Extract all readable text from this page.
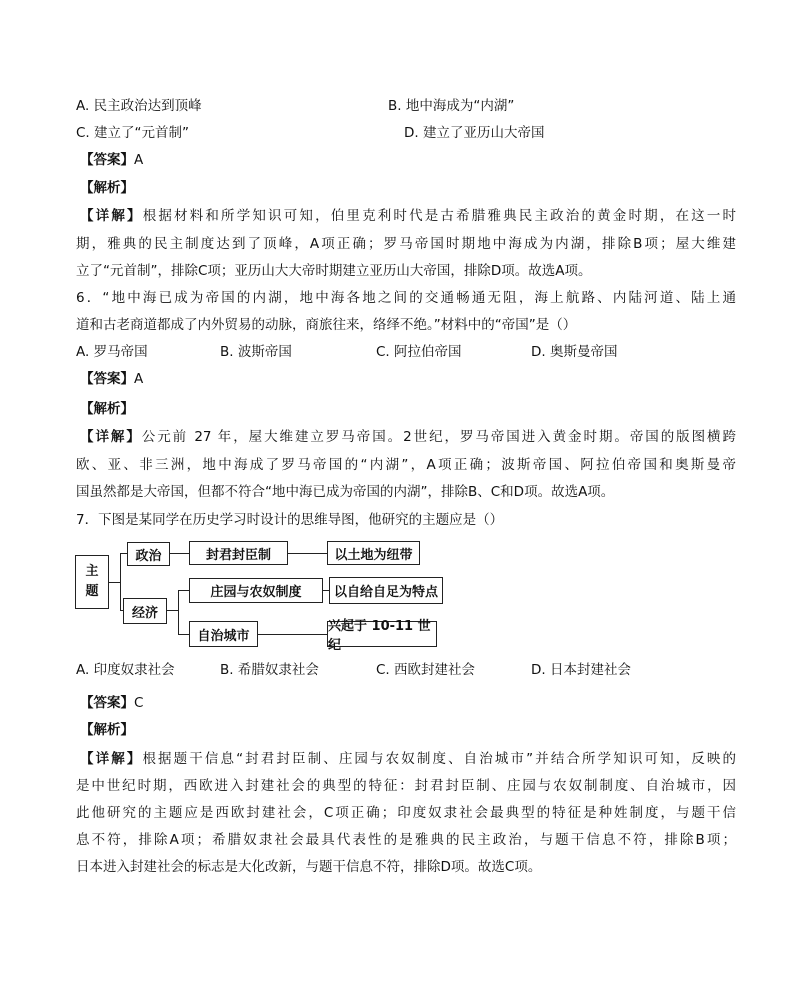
A. 民主政治达到顶峰	B. 地中海成为“内湖”
C. 建立了“元首制”	D. 建立了亚历山大帝国
【答案】A
【解析】
【详解】根据材料和所学知识可知，伯里克利时代是古希腊雅典民主政治的黄金时期，在这一时
期，雅典的民主制度达到了顶峰，A项正确；罗马帝国时期地中海成为内湖，排除B项；屋大维建
立了“元首制”，排除C项；亚历山大大帝时期建立亚历山大帝国，排除D项。故选A项。
6．“地中海已成为帝国的内湖，地中海各地之间的交通畅通无阻，海上航路、内陆河道、陆上通
道和古老商道都成了内外贸易的动脉，商旅往来，络绎不绝。”材料中的“帝国”是（）
A. 罗马帝国	B. 波斯帝国	C. 阿拉伯帝国	D. 奥斯曼帝国
【答案】A
【解析】
【详解】公元前 27 年，屋大维建立罗马帝国。2世纪，罗马帝国进入黄金时期。帝国的版图横跨
欧、亚、非三洲，地中海成了罗马帝国的“内湖”，A项正确；波斯帝国、阿拉伯帝国和奥斯曼帝
国虽然都是大帝国，但都不符合“地中海已成为帝国的内湖”，排除B、C和D项。故选A项。
7．下图是某同学在历史学习时设计的思维导图，他研究的主题应是（）
主
题
政治	封君封臣制	以土地为纽带
经济
庄园与农奴制度	以自给自足为特点
自治城市
兴起于 10-11 世纪
A. 印度奴隶社会	B. 希腊奴隶社会	C. 西欧封建社会	D. 日本封建社会
【答案】C
【解析】
【详解】根据题干信息“封君封臣制、庄园与农奴制度、自治城市”并结合所学知识可知，反映的
是中世纪时期，西欧进入封建社会的典型的特征：封君封臣制、庄园与农奴制制度、自治城市，因
此他研究的主题应是西欧封建社会，C项正确；印度奴隶社会最典型的特征是种姓制度，与题干信
息不符，排除A项；希腊奴隶社会最具代表性的是雅典的民主政治，与题干信息不符，排除B项；
日本进入封建社会的标志是大化改新，与题干信息不符，排除D项。故选C项。
